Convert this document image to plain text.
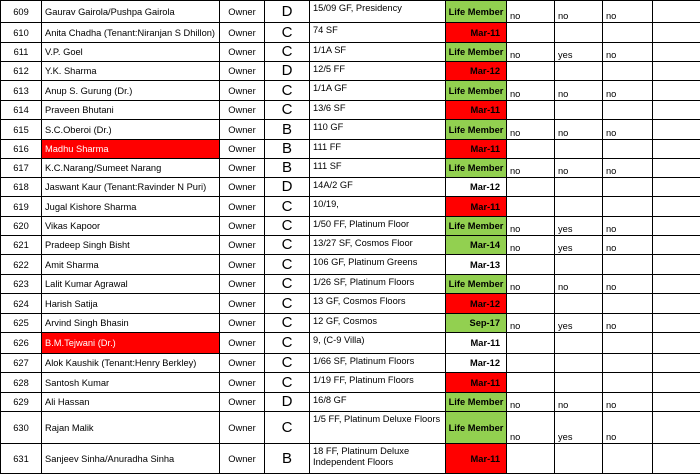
609	Gaurav Gairola/Pushpa Gairola	Owner	D	15/09 GF, Presidency	Life Member	no	no	no	
610	Anita Chadha (Tenant:Niranjan S Dhillon)	Owner	C	74 SF	Mar-11				
611	V.P. Goel	Owner	C	1/1A SF	Life Member	no	yes	no	
612	Y.K. Sharma	Owner	D	12/5 FF	Mar-12				
613	Anup S. Gurung (Dr.)	Owner	C	1/1A GF	Life Member	no	no	no	
614	Praveen Bhutani	Owner	C	13/6 SF	Mar-11				
615	S.C.Oberoi (Dr.)	Owner	B	110 GF	Life Member	no	no	no	
616	Madhu Sharma	Owner	B	111 FF	Mar-11				
617	K.C.Narang/Sumeet Narang	Owner	B	111 SF	Life Member	no	no	no	
618	Jaswant Kaur (Tenant:Ravinder N Puri)	Owner	D	14A/2 GF	Mar-12				
619	Jugal Kishore Sharma	Owner	C	10/19,	Mar-11				
620	Vikas Kapoor	Owner	C	1/50 FF, Platinum Floor	Life Member	no	yes	no	
621	Pradeep Singh Bisht	Owner	C	13/27 SF, Cosmos Floor	Mar-14	no	yes	no	
622	Amit Sharma	Owner	C	106 GF, Platinum Greens	Mar-13				
623	Lalit Kumar Agrawal	Owner	C	1/26 SF, Platinum Floors	Life Member	no	no	no	
624	Harish Satija	Owner	C	13 GF, Cosmos Floors	Mar-12				
625	Arvind Singh Bhasin	Owner	C	12 GF, Cosmos	Sep-17	no	yes	no	
626	B.M.Tejwani (Dr.)	Owner	C	9, (C-9 Villa)	Mar-11				
627	Alok Kaushik (Tenant:Henry Berkley)	Owner	C	1/66 SF, Platinum Floors	Mar-12				
628	Santosh Kumar	Owner	C	1/19 FF, Platinum Floors	Mar-11				
629	Ali Hassan	Owner	D	16/8 GF	Life Member	no	no	no	
630	Rajan Malik	Owner	C	1/5 FF, Platinum Deluxe Floors	Life Member	no	yes	no	
631	Sanjeev Sinha/Anuradha Sinha	Owner	B	18 FF, Platinum Deluxe Independent Floors	Mar-11				
